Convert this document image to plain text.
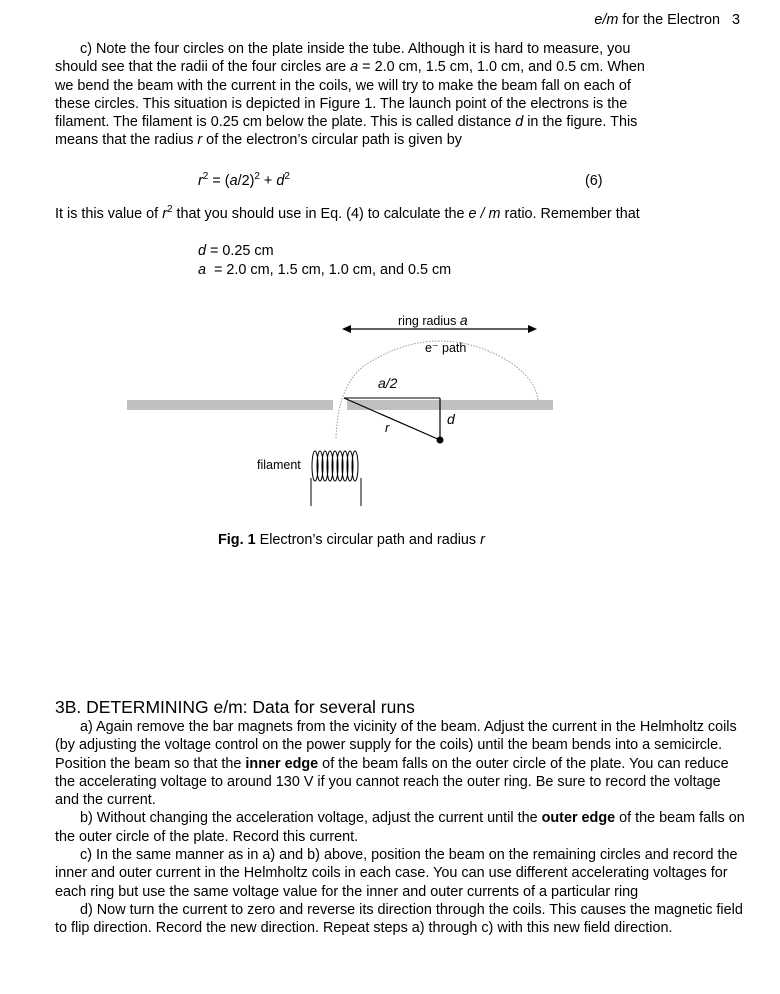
e/m for the Electron 3

c) Note the four circles on the plate inside the tube. Although it is hard to measure, you

should see that the radii of the four circles are a = 2.0 cm, 1.5 cm, 1.0 cm, and 0.5 cm. When

we bend the beam with the current in the coils, we will try to make the beam fall on each of

these circles. This situation is depicted in Figure 1. The launch point of the electrons is the

filament. The filament is 0.25 cm below the plate. This is called distance d in the figure. This

means that the radius r of the electron’s circular path is given by

$r^2 = (a/2)^2 + d^2$	(6)
It is this value of $r^2$ that you should use in Eq. (4) to calculate the e / m ratio. Remember that
d = 0.25 cm
a  = 2.0 cm, 1.5 cm, 1.0 cm, and 0.5 cm
ring radius a
e⁻ path
a/2
d
r
filament
Fig. 1 Electron’s circular path and radius r
3B. DETERMINING e/m: Data for several runs

a) Again remove the bar magnets from the vicinity of the beam. Adjust the current in the Helmholtz coils (by adjusting the voltage control on the power supply for the coils) until the beam bends into a semicircle. Position the beam so that the inner edge of the beam falls on the outer circle of the plate. You can reduce the accelerating voltage to around 130 V if you cannot reach the outer ring. Be sure to record the voltage and the current.

b) Without changing the acceleration voltage, adjust the current until the outer edge of the beam falls on the outer circle of the plate. Record this current.

c) In the same manner as in a) and b) above, position the beam on the remaining circles and record the inner and outer current in the Helmholtz coils in each case. You can use different accelerating voltages for each ring but use the same voltage value for the inner and outer currents of a particular ring

d) Now turn the current to zero and reverse its direction through the coils. This causes the magnetic field to flip direction. Record the new direction. Repeat steps a) through c) with this new field direction.
